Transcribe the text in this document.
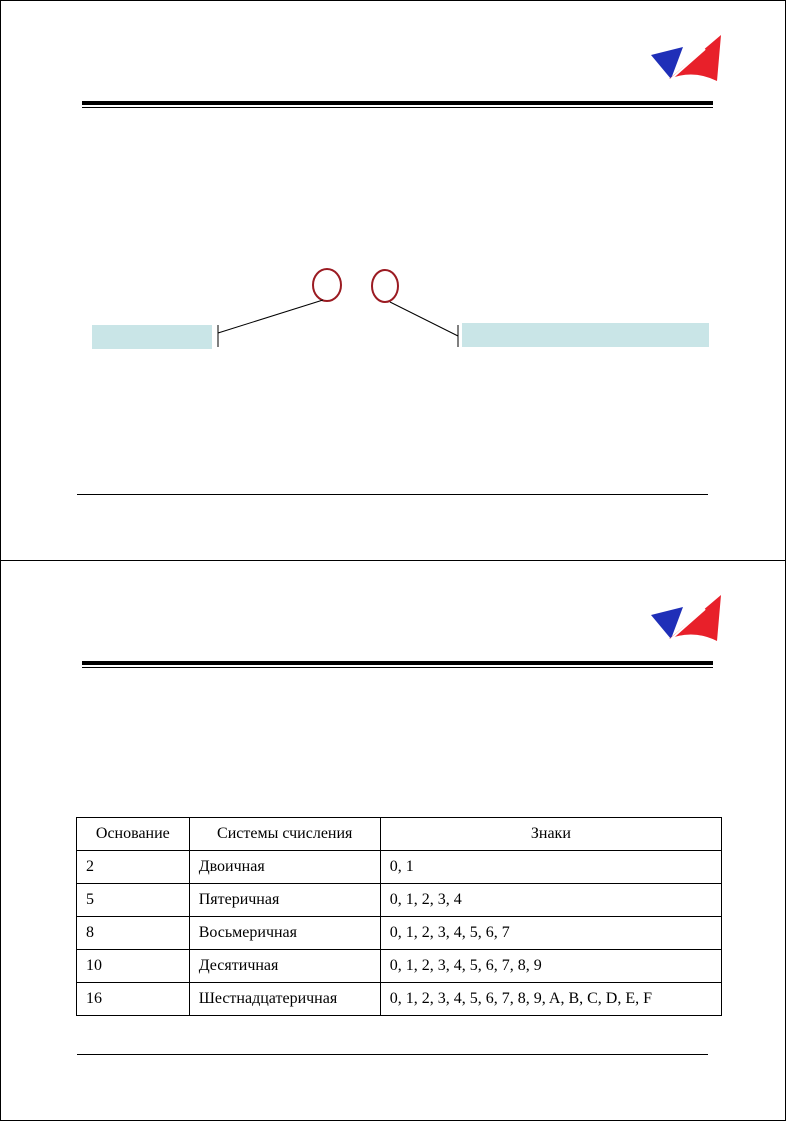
Основание	Системы счисления	Знаки
2	Двоичная	0, 1
5	Пятеричная	0, 1, 2, 3, 4
8	Восьмеричная	0, 1, 2, 3, 4, 5, 6, 7
10	Десятичная	0, 1, 2, 3, 4, 5, 6, 7, 8, 9
16	Шестнадцатеричная	0, 1, 2, 3, 4, 5, 6, 7, 8, 9, A, B, C, D, E, F
